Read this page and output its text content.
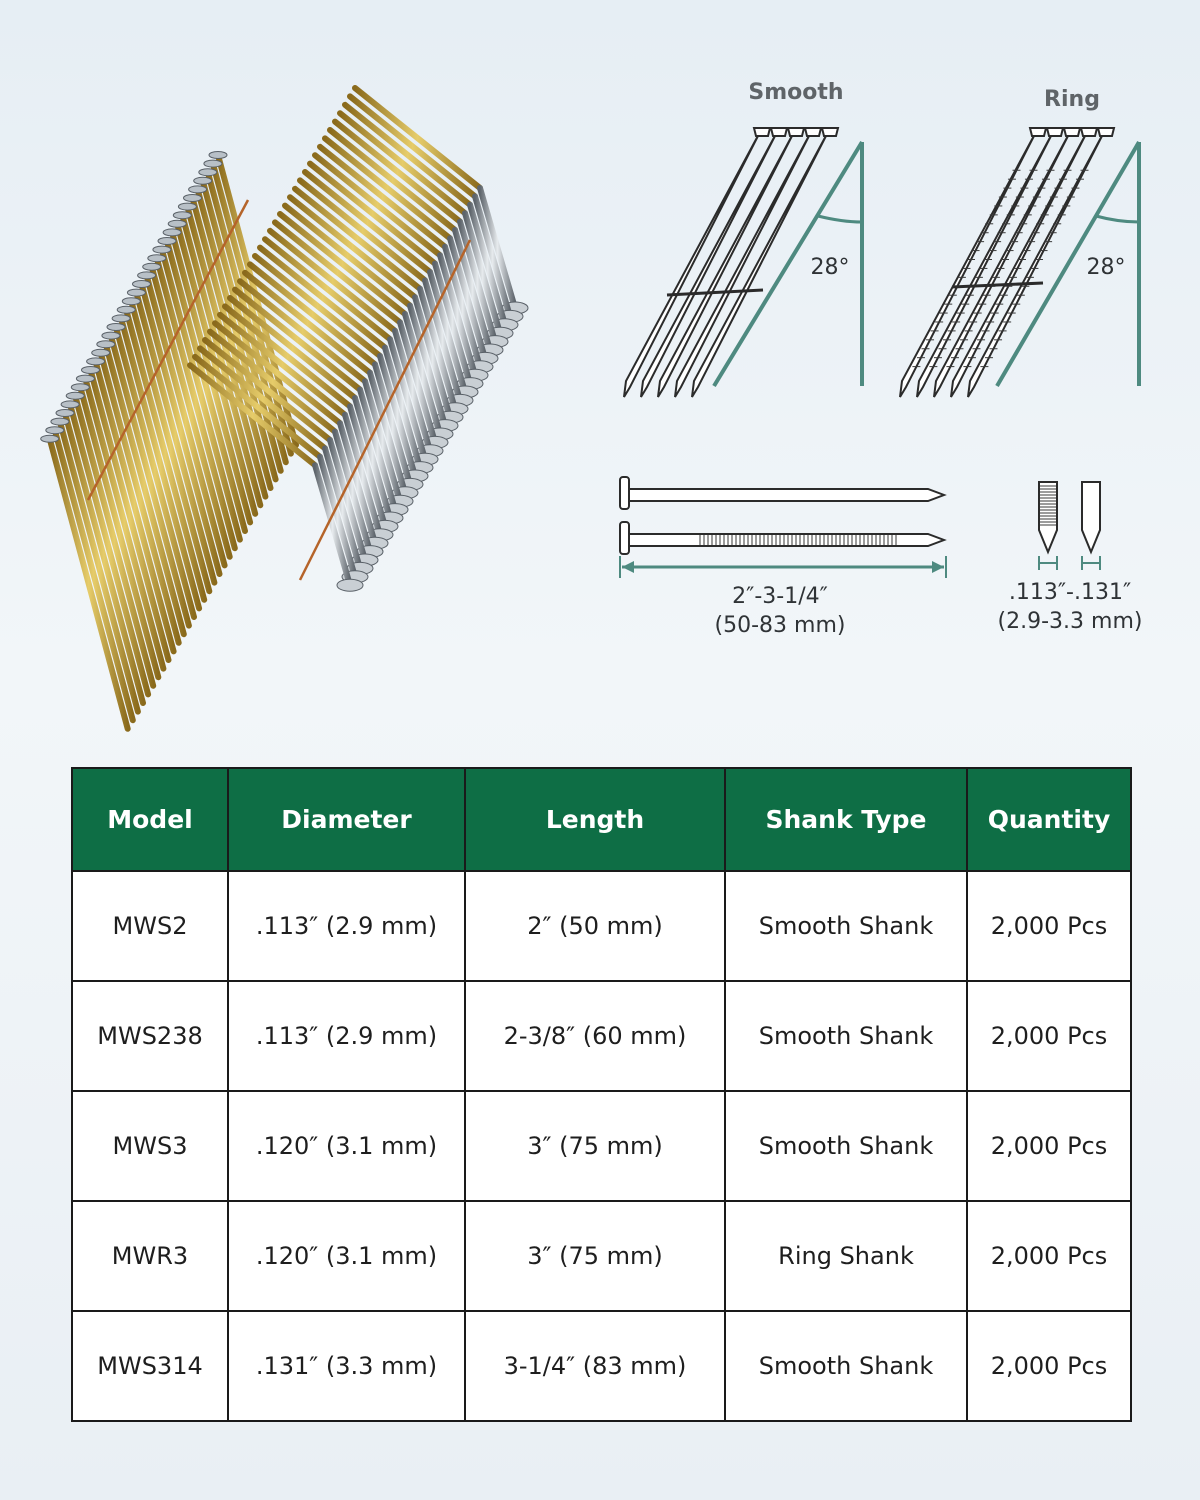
Smooth
28°
Ring
28°
2″-3-1/4″
(50-83 mm)
.113″-.131″
(2.9-3.3 mm)
Model	Diameter	Length	Shank Type	Quantity
MWS2	.113″ (2.9 mm)	2″ (50 mm)	Smooth Shank	2,000 Pcs
MWS238	.113″ (2.9 mm)	2-3/8″ (60 mm)	Smooth Shank	2,000 Pcs
MWS3	.120″ (3.1 mm)	3″ (75 mm)	Smooth Shank	2,000 Pcs
MWR3	.120″ (3.1 mm)	3″ (75 mm)	Ring Shank	2,000 Pcs
MWS314	.131″ (3.3 mm)	3-1/4″ (83 mm)	Smooth Shank	2,000 Pcs
